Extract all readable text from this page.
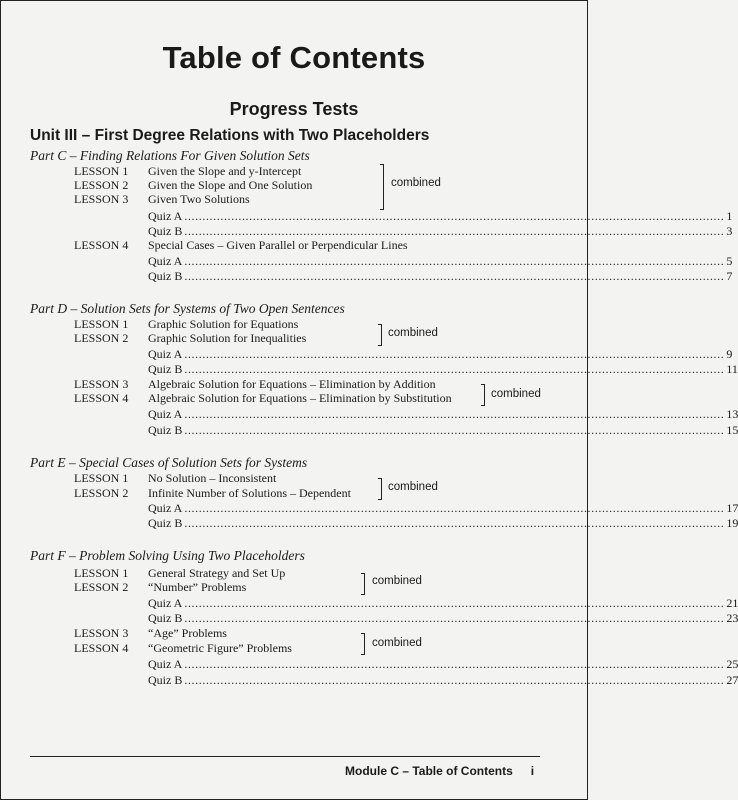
Table of Contents
Progress Tests
Unit III – First Degree Relations with Two Placeholders
Part C – Finding Relations For Given Solution Sets
LESSON 1 Given the Slope and y-Intercept
LESSON 2 Given the Slope and One Solution
LESSON 3 Given Two Solutions
combined
Quiz A ...................................................................................................................................................... 1
Quiz B ...................................................................................................................................................... 3
LESSON 4 Special Cases – Given Parallel or Perpendicular Lines
Quiz A ...................................................................................................................................................... 5
Quiz B ...................................................................................................................................................... 7
Part D – Solution Sets for Systems of Two Open Sentences
LESSON 1 Graphic Solution for Equations
LESSON 2 Graphic Solution for Inequalities	combined
Quiz A ...................................................................................................................................................... 9
Quiz B ...................................................................................................................................................... 11
LESSON 3 Algebraic Solution for Equations – Elimination by Addition
LESSON 4 Algebraic Solution for Equations – Elimination by Substitution	combined
Quiz A ...................................................................................................................................................... 13
Quiz B ...................................................................................................................................................... 15
Part E – Special Cases of Solution Sets for Systems
LESSON 1 No Solution – Inconsistent
LESSON 2 Infinite Number of Solutions – Dependent	combined
Quiz A ...................................................................................................................................................... 17
Quiz B ...................................................................................................................................................... 19
Part F – Problem Solving Using Two Placeholders
LESSON 1 General Strategy and Set Up
LESSON 2 “Number” Problems	combined
Quiz A ...................................................................................................................................................... 21
Quiz B ...................................................................................................................................................... 23
LESSON 3 “Age” Problems
LESSON 4 “Geometric Figure” Problems	combined
Quiz A ...................................................................................................................................................... 25
Quiz B ...................................................................................................................................................... 27
Module C – Table of Contents i
